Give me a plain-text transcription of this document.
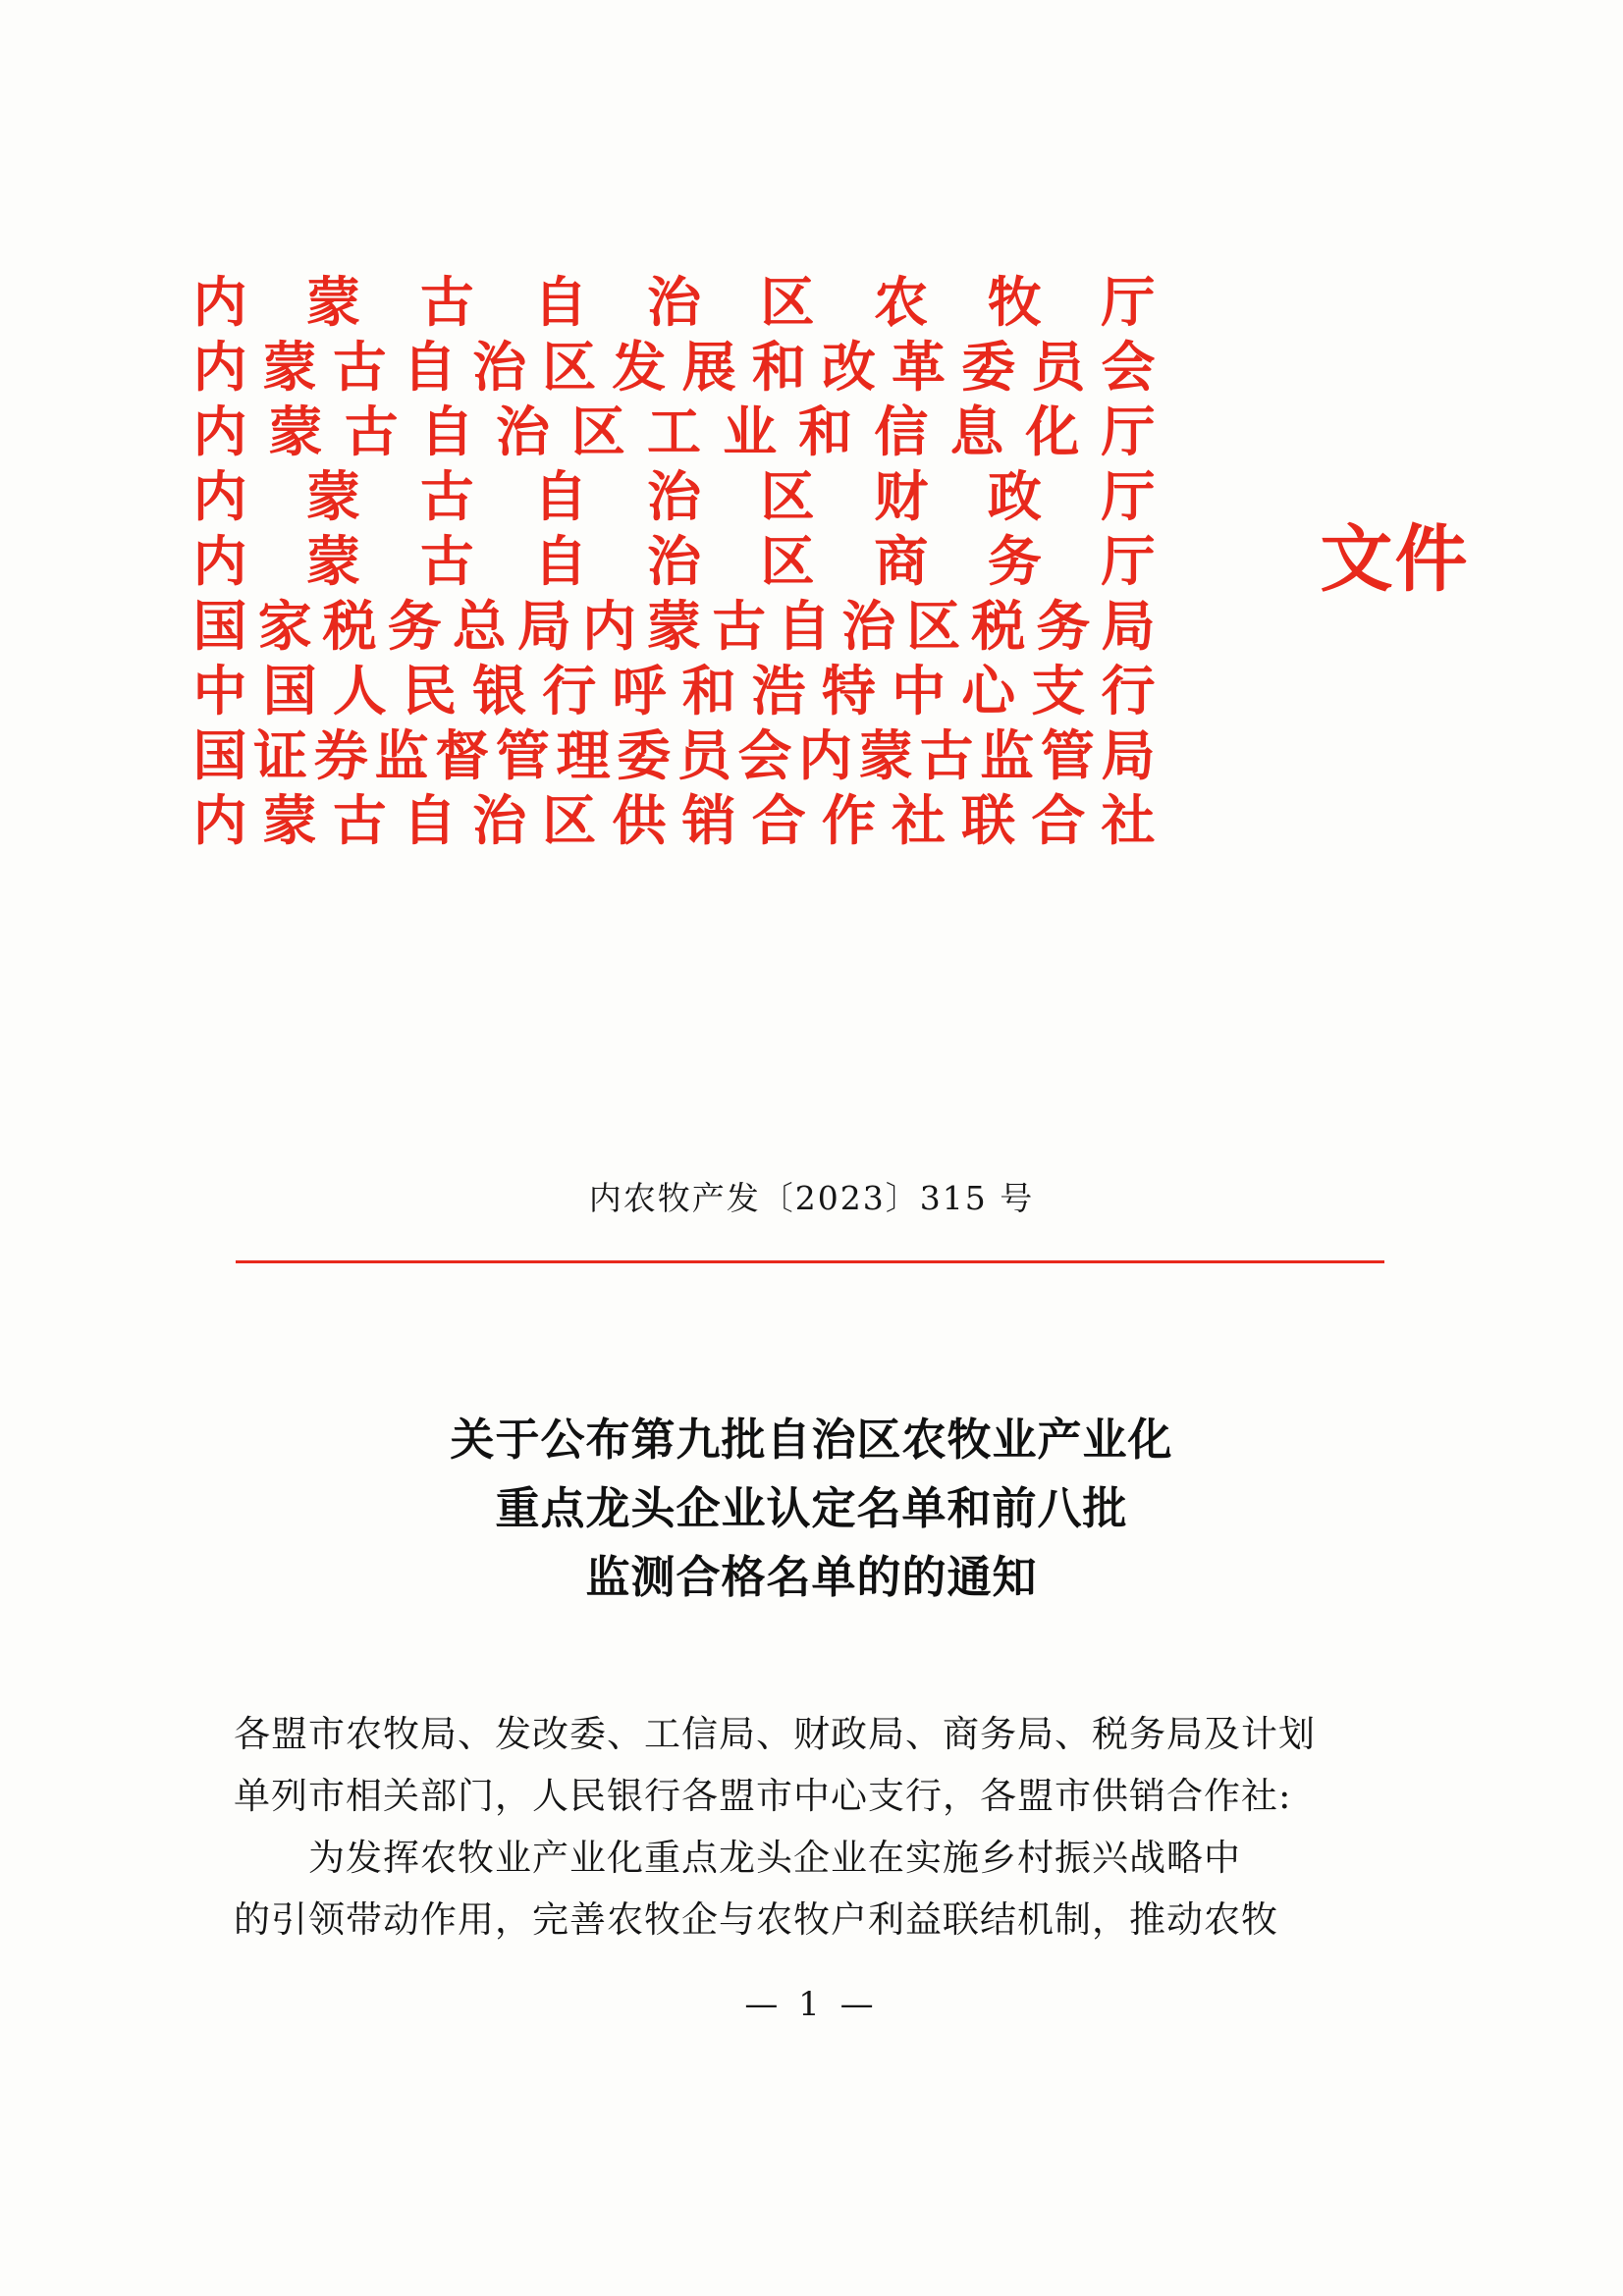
内 蒙 古 自 治 区 农 牧 厅
内蒙古自治区发展和改革委员会
内蒙古自治区工业和信息化厅
内蒙古自治区财政厅
内蒙古自治区商务厅
国家税务总局内蒙古自治区税务局
中国人民银行呼和浩特中心支行
国证券监督管理委员会内蒙古监管局
内蒙古自治区供销合作社联合社
文件
内农牧产发〔2023〕315 号
关于公布第九批自治区农牧业产业化
重点龙头企业认定名单和前八批
监测合格名单的的通知

各盟市农牧局、发改委、工信局、财政局、商务局、税务局及计划

单列市相关部门，人民银行各盟市中心支行，各盟市供销合作社:

为发挥农牧业产业化重点龙头企业在实施乡村振兴战略中

的引领带动作用，完善农牧企与农牧户利益联结机制，推动农牧

— 1 —
